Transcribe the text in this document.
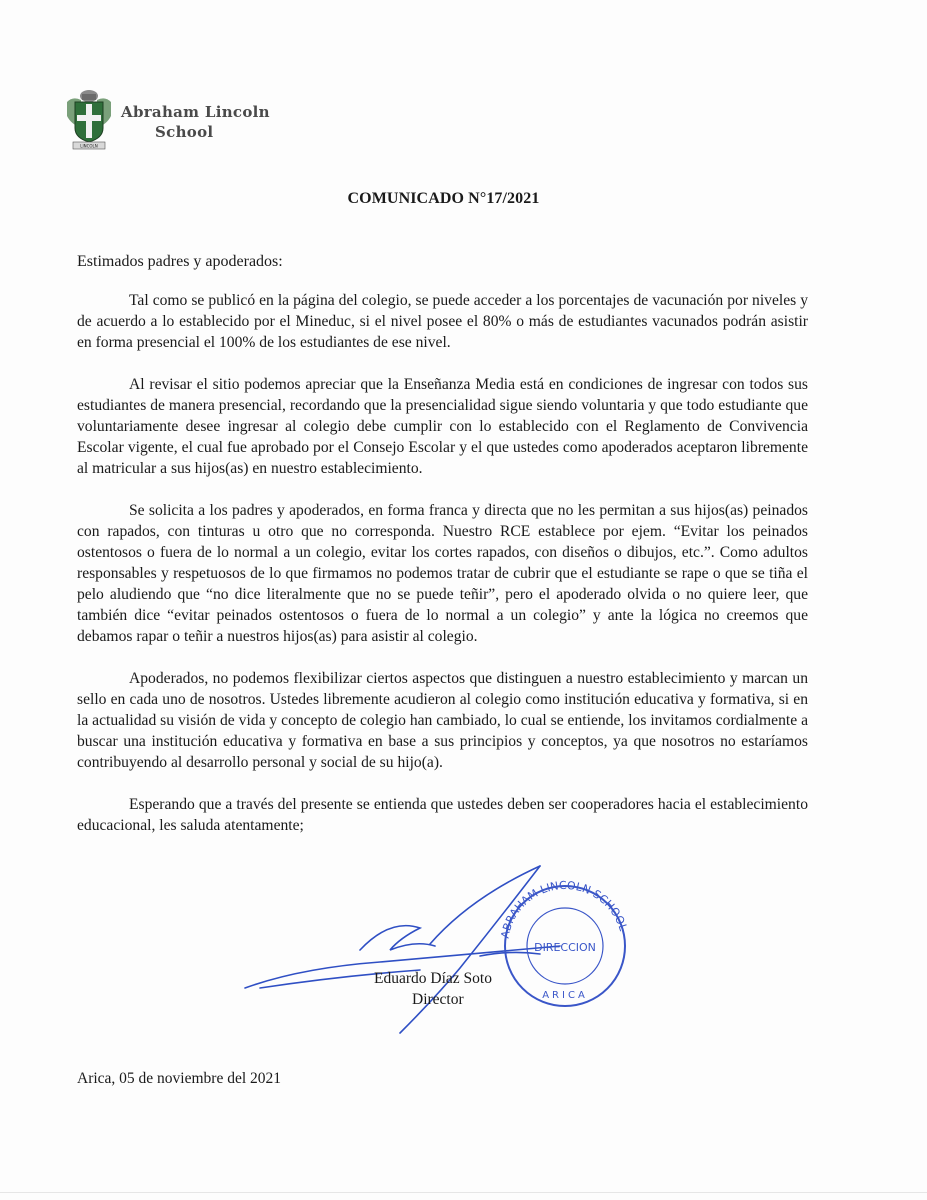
LINCOLN
Abraham Lincoln
School
COMUNICADO N°17/2021
Estimados padres y apoderados:

Tal como se publicó en la página del colegio, se puede acceder a los porcentajes de vacunación por niveles y de acuerdo a lo establecido por el Mineduc, si el nivel posee el 80% o más de estudiantes vacunados podrán asistir en forma presencial el 100% de los estudiantes de ese nivel.

Al revisar el sitio podemos apreciar que la Enseñanza Media está en condiciones de ingresar con todos sus estudiantes de manera presencial, recordando que la presencialidad sigue siendo voluntaria y que todo estudiante que voluntariamente desee ingresar al colegio debe cumplir con lo establecido con el Reglamento de Convivencia Escolar vigente, el cual fue aprobado por el Consejo Escolar y el que ustedes como apoderados aceptaron libremente al matricular a sus hijos(as) en nuestro establecimiento.

Se solicita a los padres y apoderados, en forma franca y directa que no les permitan a sus hijos(as) peinados con rapados, con tinturas u otro que no corresponda. Nuestro RCE establece por ejem. “Evitar los peinados ostentosos o fuera de lo normal a un colegio, evitar los cortes rapados, con diseños o dibujos, etc.”. Como adultos responsables y respetuosos de lo que firmamos no podemos tratar de cubrir que el estudiante se rape o que se tiña el pelo aludiendo que “no dice literalmente que no se puede teñir”, pero el apoderado olvida o no quiere leer, que también dice “evitar peinados ostentosos o fuera de lo normal a un colegio” y ante la lógica no creemos que debamos rapar o teñir a nuestros hijos(as) para asistir al colegio.

Apoderados, no podemos flexibilizar ciertos aspectos que distinguen a nuestro establecimiento y marcan un sello en cada uno de nosotros. Ustedes libremente acudieron al colegio como institución educativa y formativa, si en la actualidad su visión de vida y concepto de colegio han cambiado, lo cual se entiende, los invitamos cordialmente a buscar una institución educativa y formativa en base a sus principios y conceptos, ya que nosotros no estaríamos contribuyendo al desarrollo personal y social de su hijo(a).

Esperando que a través del presente se entienda que ustedes deben ser cooperadores hacia el establecimiento educacional, les saluda atentamente;

ABRAHAM LINCOLN SCHOOL
DIRECCION
ARICA
Eduardo Díaz Soto
Director
Arica, 05 de noviembre del 2021
